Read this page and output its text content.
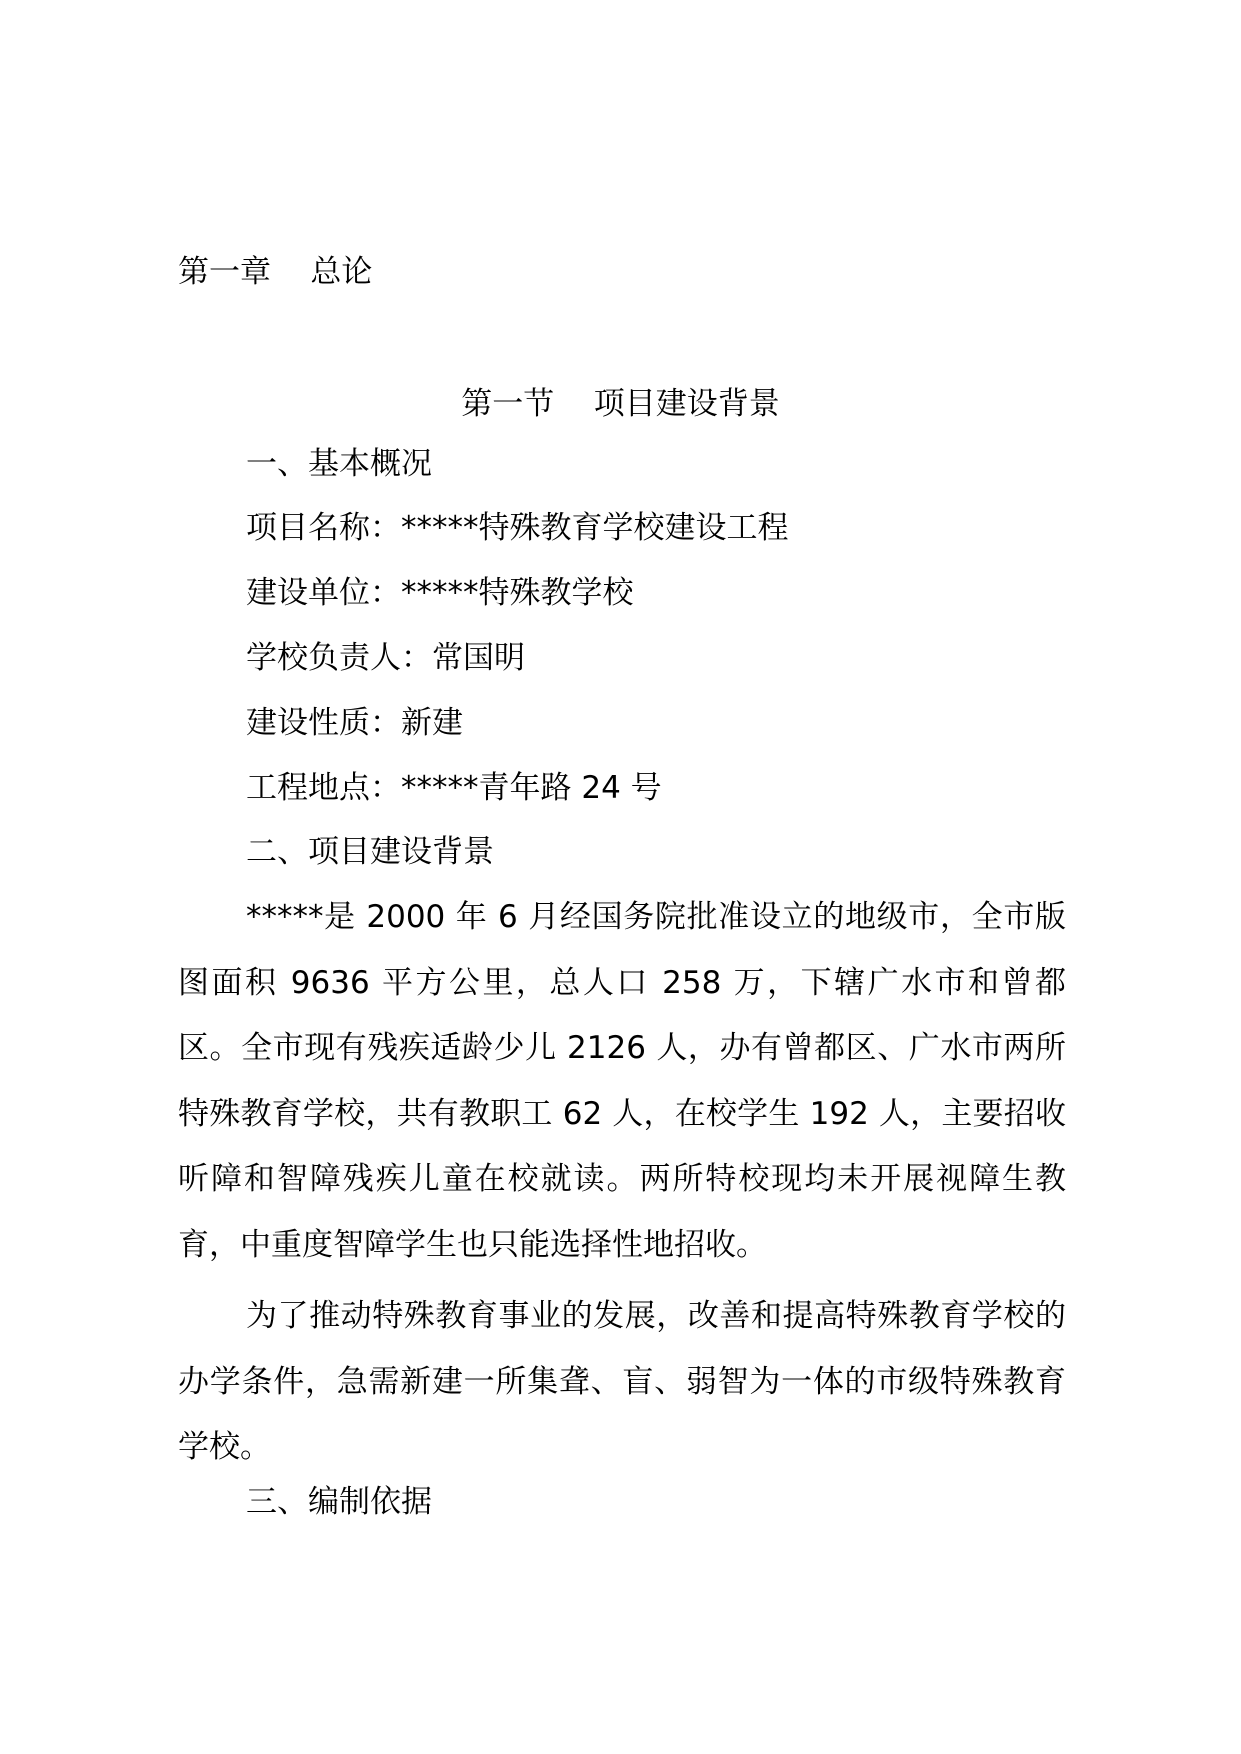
第一章    总论
第一节    项目建设背景
一、基本概况
项目名称：*****特殊教育学校建设工程
建设单位：*****特殊教学校
学校负责人：常国明
建设性质：新建
工程地点：*****青年路 24 号
二、项目建设背景
*****是 2000 年 6 月经国务院批准设立的地级市，全市版图面积 9636 平方公里，总人口 258 万，下辖广水市和曾都区。全市现有残疾适龄少儿 2126 人，办有曾都区、广水市两所特殊教育学校，共有教职工 62 人，在校学生 192 人，主要招收听障和智障残疾儿童在校就读。两所特校现均未开展视障生教育，中重度智障学生也只能选择性地招收。
为了推动特殊教育事业的发展，改善和提高特殊教育学校的办学条件，急需新建一所集聋、盲、弱智为一体的市级特殊教育学校。
三、编制依据
